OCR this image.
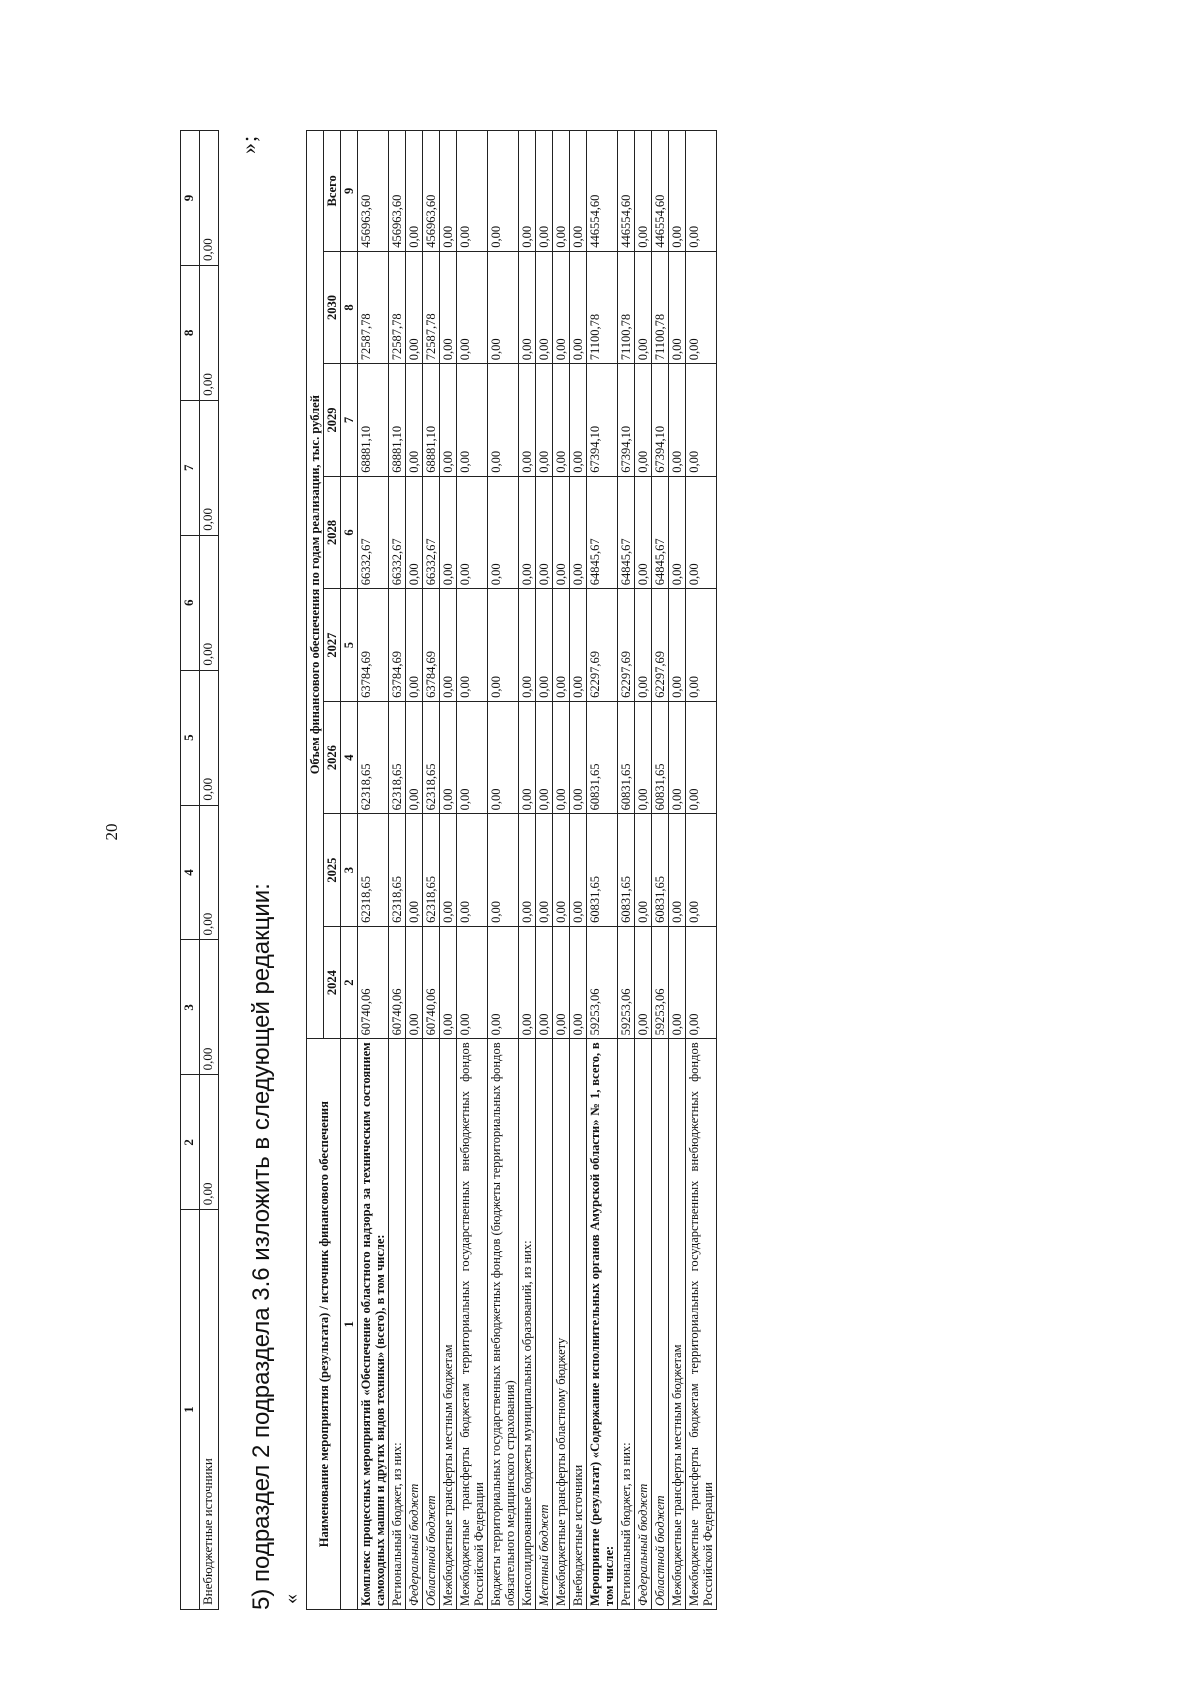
20
1	2	3	4	5	6	7	8	9
Внебюджетные источники	0,00	0,00	0,00	0,00	0,00	0,00	0,00	0,00
»;
5) подраздел 2 подраздела 3.6 изложить в следующей редакции: «
Наименование мероприятия (результата) / источник финансового обеспечения	Объем финансового обеспечения по годам реализации, тыс. рублей							
	2024	2025	2026	2027	2028	2029	2030	Всего
1	2	3	4	5	6	7	8	9
Комплекс процессных мероприятий «Обеспечение областного надзора за техническим состоянием самоходных машин и других видов техники» (всего), в том числе:	60740,06	62318,65	62318,65	63784,69	66332,67	68881,10	72587,78	456963,60
Региональный бюджет, из них:	60740,06	62318,65	62318,65	63784,69	66332,67	68881,10	72587,78	456963,60
Федеральный бюджет	0,00	0,00	0,00	0,00	0,00	0,00	0,00	0,00
Областной бюджет	60740,06	62318,65	62318,65	63784,69	66332,67	68881,10	72587,78	456963,60
Межбюджетные трансферты местным бюджетам	0,00	0,00	0,00	0,00	0,00	0,00	0,00	0,00
Межбюджетные трансферты бюджетам территориальных государственных внебюджетных фондов Российской Федерации	0,00	0,00	0,00	0,00	0,00	0,00	0,00	0,00
Бюджеты территориальных государственных внебюджетных фондов (бюджеты территориальных фондов обязательного медицинского страхования)	0,00	0,00	0,00	0,00	0,00	0,00	0,00	0,00
Консолидированные бюджеты муниципальных образований, из них:	0,00	0,00	0,00	0,00	0,00	0,00	0,00	0,00
Местный бюджет	0,00	0,00	0,00	0,00	0,00	0,00	0,00	0,00
Межбюджетные трансферты областному бюджету	0,00	0,00	0,00	0,00	0,00	0,00	0,00	0,00
Внебюджетные источники	0,00	0,00	0,00	0,00	0,00	0,00	0,00	0,00
Мероприятие (результат) «Содержание исполнительных органов Амурской области» № 1, всего, в том числе:	59253,06	60831,65	60831,65	62297,69	64845,67	67394,10	71100,78	446554,60
Региональный бюджет, из них:	59253,06	60831,65	60831,65	62297,69	64845,67	67394,10	71100,78	446554,60
Федеральный бюджет	0,00	0,00	0,00	0,00	0,00	0,00	0,00	0,00
Областной бюджет	59253,06	60831,65	60831,65	62297,69	64845,67	67394,10	71100,78	446554,60
Межбюджетные трансферты местным бюджетам	0,00	0,00	0,00	0,00	0,00	0,00	0,00	0,00
Межбюджетные трансферты бюджетам территориальных государственных внебюджетных фондов Российской Федерации	0,00	0,00	0,00	0,00	0,00	0,00	0,00	0,00
